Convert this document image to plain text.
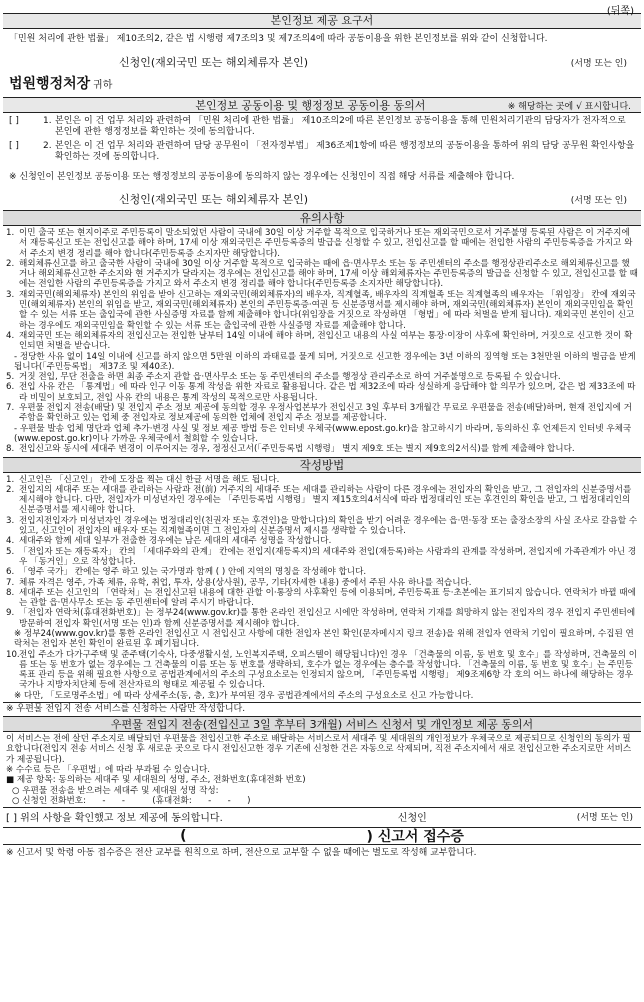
(뒤쪽)
본인정보 제공 요구서
「민원 처리에 관한 법률」 제10조의2, 같은 법 시행령 제7조의3 및 제7조의4에 따라 공동이용을 위한 본인정보를 위와 같이 신청합니다.
신청인(재외국민 또는 해외체류자 본인)	(서명 또는 인)
법원행정처장 귀하
본인정보 공동이용 및 행정정보 공동이용 동의서	※ 해당하는 곳에 √ 표시합니다.
[ ]	1. 본인은 이 건 업무 처리와 관련하여 「민원 처리에 관한 법률」 제10조의2에 따른 본인정보 공동이용을 통해 민원처리기관의 담당자가 전자적으로 본인에 관한 행정정보를 확인하는 것에 동의합니다.
[ ]	2. 본인은 이 건 업무 처리와 관련하여 담당 공무원이 「전자정부법」 제36조제1항에 따른 행정정보의 공동이용을 통하여 위의 담당 공무원 확인사항을 확인하는 것에 동의합니다.
※ 신청인이 본인정보 공동이용 또는 행정정보의 공동이용에 동의하지 않는 경우에는 신청인이 직접 해당 서류를 제출해야 합니다.
신청인(재외국민 또는 해외체류자 본인)	(서명 또는 인)
유의사항
1. 이민 출국 또는 현지이주로 주민등록이 말소되었던 사람이 국내에 30일 이상 거주할 목적으로 입국하거나 또는 재외국민으로서 거주불명 등록된 사람은 이 거주지에서 재등록신고 또는 전입신고를 해야 하며, 17세 이상 재외국민은 주민등록증의 발급을 신청할 수 있고, 전입신고를 할 때에는 전입한 사람의 주민등록증을 가지고 와서 주소지 변경 정리를 해야 합니다(주민등록증 소지자만 해당합니다).
2. 해외체류신고를 하고 출국한 사람이 국내에 30일 이상 거주할 목적으로 입국하는 때에 읍·면사무소 또는 동 주민센터의 주소를 행정상관리주소로 해외체류신고를 했거나 해외체류신고한 주소지와 현 거주지가 달라지는 경우에는 전입신고를 해야 하며, 17세 이상 해외체류자는 주민등록증의 발급을 신청할 수 있고, 전입신고를 할 때에는 전입한 사람의 주민등록증을 가지고 와서 주소지 변경 정리를 해야 합니다(주민등록증 소지자만 해당합니다).
3. 재외국민(해외체류자) 본인의 위임을 받아 신고하는 재외국민(해외체류자)의 배우자, 직계혈족, 배우자의 직계혈족 또는 직계혈족의 배우자는 「위임장」 칸에 재외국민(해외체류자) 본인의 위임을 받고, 재외국민(해외체류자) 본인의 주민등록증·여권 등 신분증명서를 제시해야 하며, 재외국민(해외체류자) 본인이 재외국민임을 확인할 수 있는 서류 또는 출입국에 관한 사실증명 자료를 함께 제출해야 합니다(위임장을 거짓으로 작성하면 「형법」에 따라 처벌을 받게 됩니다). 재외국민 본인이 신고하는 경우에도 재외국민임을 확인할 수 있는 서류 또는 출입국에 관한 사실증명 자료를 제출해야 합니다.
4. 재외국민 또는 해외체류자의 전입신고는 전입한 날부터 14일 이내에 해야 하며, 전입신고 내용의 사실 여부는 통장·이장이 사후에 확인하며, 거짓으로 신고한 것이 확인되면 처벌을 받습니다.
- 정당한 사유 없이 14일 이내에 신고를 하지 않으면 5만원 이하의 과태료를 물게 되며, 거짓으로 신고한 경우에는 3년 이하의 징역형 또는 3천만원 이하의 벌금을 받게 됩니다(「주민등록법」 제37조 및 제40조).
5. 거짓 전입, 무단 전출을 하면 최종 주소지 관할 읍·면사무소 또는 동 주민센터의 주소를 행정상 관리주소로 하여 거주불명으로 등록될 수 있습니다.
6. 전입 사유 칸은 「통계법」에 따라 인구 이동 통계 작성을 위한 자료로 활용됩니다. 같은 법 제32조에 따라 성실하게 응답해야 할 의무가 있으며, 같은 법 제33조에 따라 비밀이 보호되고, 전입 사유 칸의 내용은 통계 작성의 목적으로만 사용됩니다.
7. 우편물 전입지 전송(배달) 및 전입지 주소 정보 제공에 동의할 경우 우정사업본부가 전입신고 3일 후부터 3개월간 무료로 우편물을 전송(배달)하며, 현재 전입지에 거주함을 확인하고 있는 업체 중 전입자로 정보제공에 동의한 업체에 전입지 주소 정보를 제공합니다.
- 우편물 발송 업체 명단과 업체 추가·변경 사실 및 정보 제공 방법 등은 인터넷 우체국(www.epost.go.kr)을 참고하시기 바라며, 동의하신 후 언제든지 인터넷 우체국(www.epost.go.kr)이나 가까운 우체국에서 철회할 수 있습니다.
8. 전입신고와 동시에 세대주 변경이 이루어지는 경우, 정정신고서(「주민등록법 시행령」 별지 제9호 또는 별지 제9호의2서식)를 함께 제출해야 합니다.
작성방법
1. 신고인은 「신고인」 칸에 도장을 찍는 대신 한글 서명을 해도 됩니다.
2. 전입지의 세대주 또는 세대를 관리하는 사람과 전(前) 거주지의 세대주 또는 세대를 관리하는 사람이 다른 경우에는 전입자의 확인을 받고, 그 전입자의 신분증명서를 제시해야 합니다. 다만, 전입자가 미성년자인 경우에는 「주민등록법 시행령」 별지 제15호의4서식에 따라 법정대리인 또는 후견인의 확인을 받고, 그 법정대리인의 신분증명서를 제시해야 합니다.
3. 전입지전입자가 미성년자인 경우에는 법정대리인(친권자 또는 후견인)을 말합니다)의 확인을 받기 어려운 경우에는 읍·면·동장 또는 출장소장의 사실 조사로 갈음할 수 있고, 신고인이 전입자의 배우자 또는 직계혈족이면 그 전입자의 신분증명서 제시를 생략할 수 있습니다.
4. 세대주와 함께 세대 일부가 전출한 경우에는 남은 세대의 세대주 성명을 작성합니다.
5. 「전입자 또는 재등록자」 칸의 「세대주와의 관계」 칸에는 전입지(재등록지)의 세대주와 전입(재등록)하는 사람과의 관계를 작성하며, 전입지에 가족관계가 아닌 경우 「동거인」으로 작성합니다.
6. 「영주 국가」 칸에는 영주 하고 있는 국가명과 함께 ( ) 안에 지역의 명칭을 작성해야 합니다.
7. 체류 자격은 영주, 가족 체류, 유학, 취업, 투자, 상용(상사원), 공무, 기타(자세한 내용) 중에서 주된 사유 하나를 적습니다.
8. 세대주 또는 신고인의 「연락처」는 전입신고된 내용에 대한 관할 이·통장의 사후확인 등에 이용되며, 주민등록표 등·초본에는 표기되지 않습니다. 연락처가 바뀔 때에는 관할 읍·면사무소 또는 동 주민센터에 알려 주시기 바랍니다.
9. 「전입자 연락처(휴대전화번호)」는 정부24(www.gov.kr)를 통한 온라인 전입신고 시에만 작성하며, 연락처 기재를 희망하지 않는 전입자의 경우 전입지 주민센터에 방문하여 전입자 확인(서명 또는 인)과 함께 신분증명서를 제시해야 합니다.
※ 정부24(www.gov.kr)를 통한 온라인 전입신고 시 전입신고 사항에 대한 전입자 본인 확인(문자메시지 링크 전송)을 위해 전입자 연락처 기입이 필요하며, 수집된 연락처는 전입자 본인 확인이 완료된 후 폐기됩니다.
10. 전입 주소가 다가구주택 및 준주택(기숙사, 다중생활시설, 노인복지주택, 오피스텔이 해당됩니다)인 경우 「건축물의 이름, 동 번호 및 호수」를 작성하며, 건축물의 이름 또는 동 번호가 없는 경우에는 그 건축물의 이름 또는 동 번호를 생략하되, 호수가 없는 경우에는 층수를 작성합니다. 「건축물의 이름, 동 번호 및 호수」는 주민등록표 관리 등을 위해 필요한 사항으로 공법관계에서의 주소의 구성요소로는 인정되지 않으며, 「주민등록법 시행령」 제9조제6항 각 호의 어느 하나에 해당하는 경우 국가나 지방자치단체 등에 전산자료의 형태로 제공될 수 있습니다.
※ 다만, 「도로명주소법」에 따라 상세주소(동, 층, 호)가 부여된 경우 공법관계에서의 주소의 구성요소로 신고 가능합니다.
※ 우편물 전입지 전송 서비스를 신청하는 사람만 작성합니다.
우편물 전입지 전송(전입신고 3일 후부터 3개월) 서비스 신청서 및 개인정보 제공 동의서
이 서비스는 전에 살던 주소지로 배달되던 우편물을 전입신고한 주소로 배달하는 서비스로서 세대주 및 세대원의 개인정보가 우체국으로 제공되므로 신청인의 동의가 필요합니다(전입지 전송 서비스 신청 후 새로운 곳으로 다시 전입신고한 경우 기존에 신청한 건은 자동으로 삭제되며, 직전 주소지에서 새로 전입신고한 주소지로만 서비스가 제공됩니다).
※ 수수료 등은 「우편법」에 따라 부과될 수 있습니다.
■ 제공 항목: 동의하는 세대주 및 세대원의 성명, 주소, 전화번호(휴대전화 번호)
○ 우편물 전송을 받으려는 세대주 및 세대원 성명 작성:
○ 신청인 전화번호:      -      -          (휴대전화:      -      -      )
[ ] 위의 사항을 확인했고 정보 제공에 동의합니다.	신청인	(서명 또는 인)
(	) 신고서 접수증
※ 신고서 및 학령 아동 접수증은 전산 교부를 원칙으로 하며, 전산으로 교부할 수 없을 때에는 별도로 작성해 교부합니다.
